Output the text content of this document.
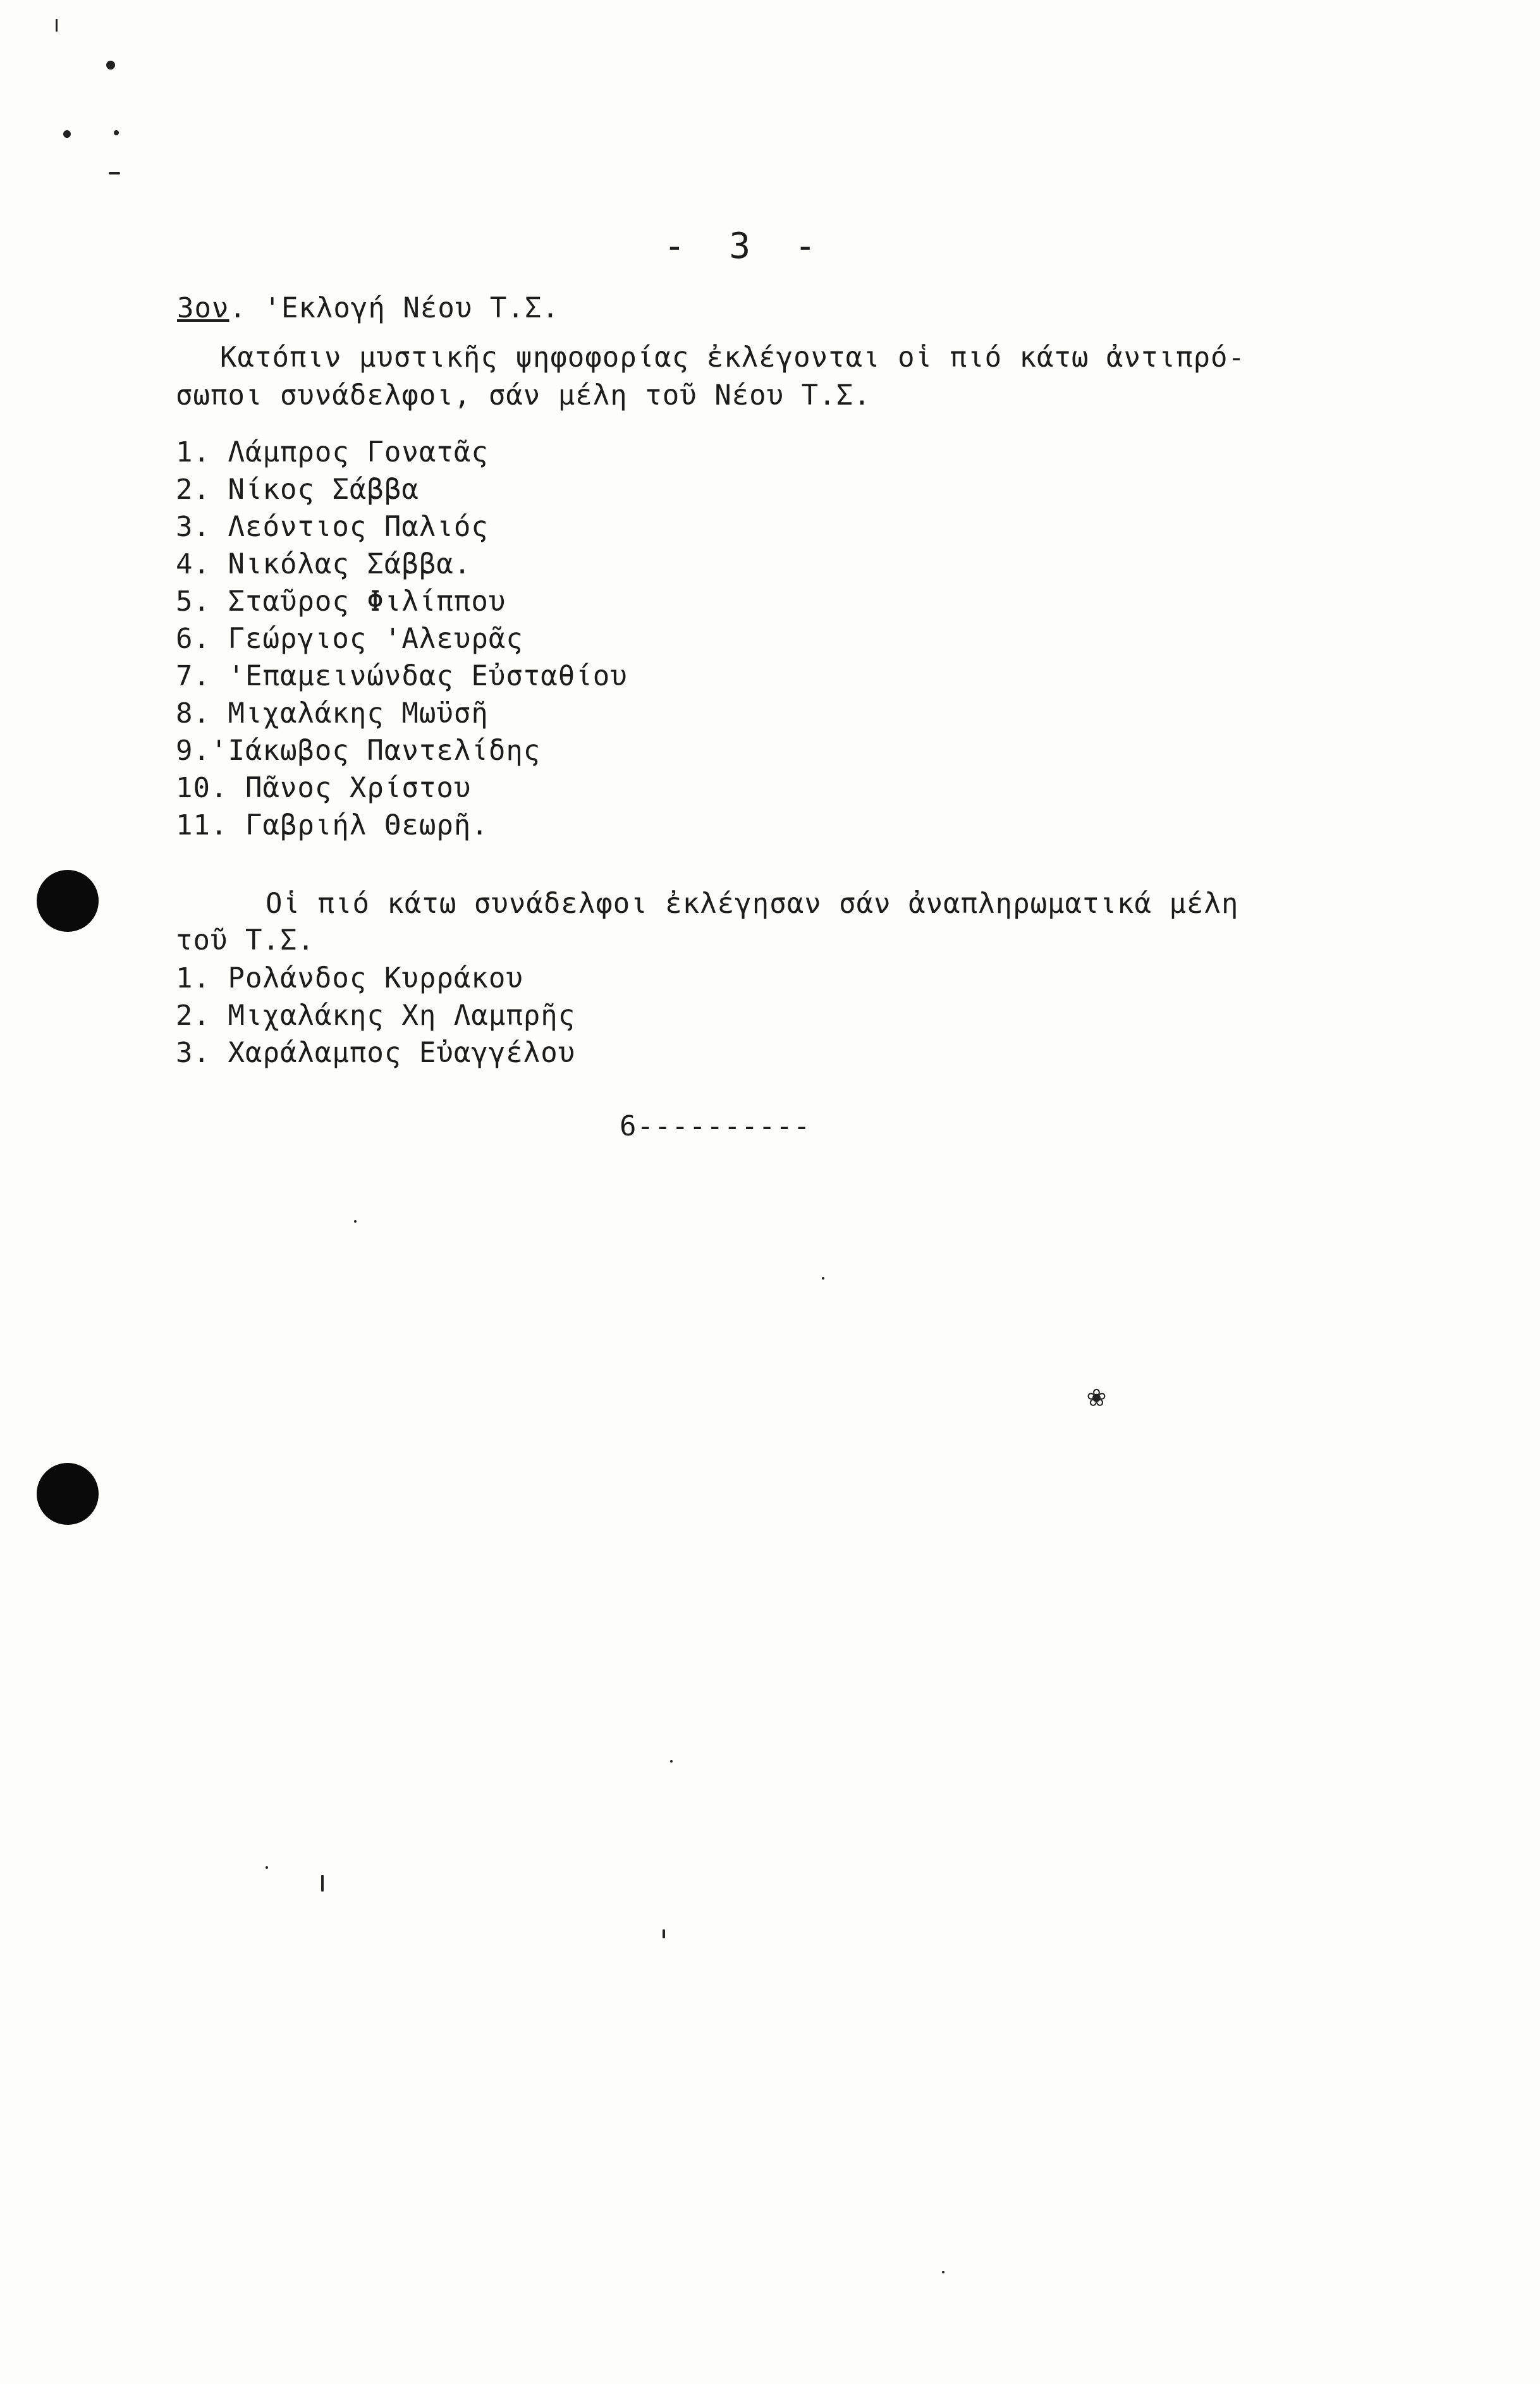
- 3 -
3ον. 'Εκλογή Νέου Τ.Σ.
Κατόπιν μυστικῆς ψηφοφορίας ἐκλέγονται οἱ πιό κάτω ἀντιπρό-
σωποι συνάδελφοι, σάν μέλη τοῦ Νέου Τ.Σ.
1. Λάμπρος Γονατᾶς
2. Νίκος Σάββα
3. Λεόντιος Παλιός
4. Νικόλας Σάββα.
5. Σταῦρος Φιλίππου
6. Γεώργιος 'Αλευρᾶς
7. 'Επαμεινώνδας Εὐσταθίου
8. Μιχαλάκης Μωϋσῆ
9.'Ιάκωβος Παντελίδης
10. Πᾶνος Χρίστου
11. Γαβριήλ Θεωρῆ.
Οἱ πιό κάτω συνάδελφοι ἐκλέγησαν σάν ἀναπληρωματικά μέλη
τοῦ Τ.Σ.
1. Ρολάνδος Κυρράκου
2. Μιχαλάκης Χη Λαμπρῆς
3. Χαράλαμπος Εὐαγγέλου
6----------
❀
